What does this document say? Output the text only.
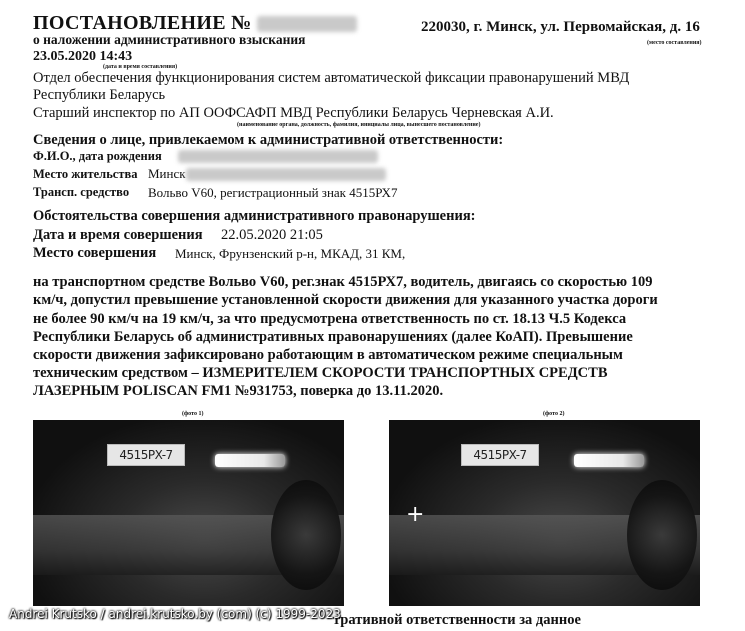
ПОСТАНОВЛЕНИЕ №	220030, г. Минск, ул. Первомайская, д. 16
(место составления)
о наложении административного взыскания
23.05.2020 14:43
(дата и время составления)
Отдел обеспечения функционирования систем автоматической фиксации правонарушений МВД
Республики Беларусь
Старший инспектор по АП ООФСАФП МВД Республики Беларусь Черневская А.И.
(наименование органа, должность, фамилия, инициалы лица, вынесшего постановление)
Сведения о лице, привлекаемом к административной ответственности:
Ф.И.О., дата рождения
Место жительства Минск
Трансп. средство Вольво V60, регистрационный знак 4515РХ7
Обстоятельства совершения административного правонарушения:
Дата и время совершения 22.05.2020 21:05
Место совершения Минск, Фрунзенский р-н, МКАД, 31 КМ,
на транспортном средстве Вольво V60, рег.знак 4515РХ7, водитель, двигаясь со скоростью 109
км/ч, допустил превышение установленной скорости движения для указанного участка дороги
не более 90 км/ч на 19 км/ч, за что предусмотрена ответственность по ст. 18.13 Ч.5 Кодекса
Республики Беларусь об административных правонарушениях (далее КоАП). Превышение
скорости движения зафиксировано работающим в автоматическом режиме специальным
техническим средством – ИЗМЕРИТЕЛЕМ СКОРОСТИ ТРАНСПОРТНЫХ СРЕДСТВ
ЛАЗЕРНЫМ POLISCAN FM1 №931753, поверка до 13.11.2020.
(фото 1)	(фото 2)
4515PX-7	4515PX-7
+
тративной ответственности за данное
Andrei Krutsko / andrei.krutsko.by (com) (c) 1999-2023
